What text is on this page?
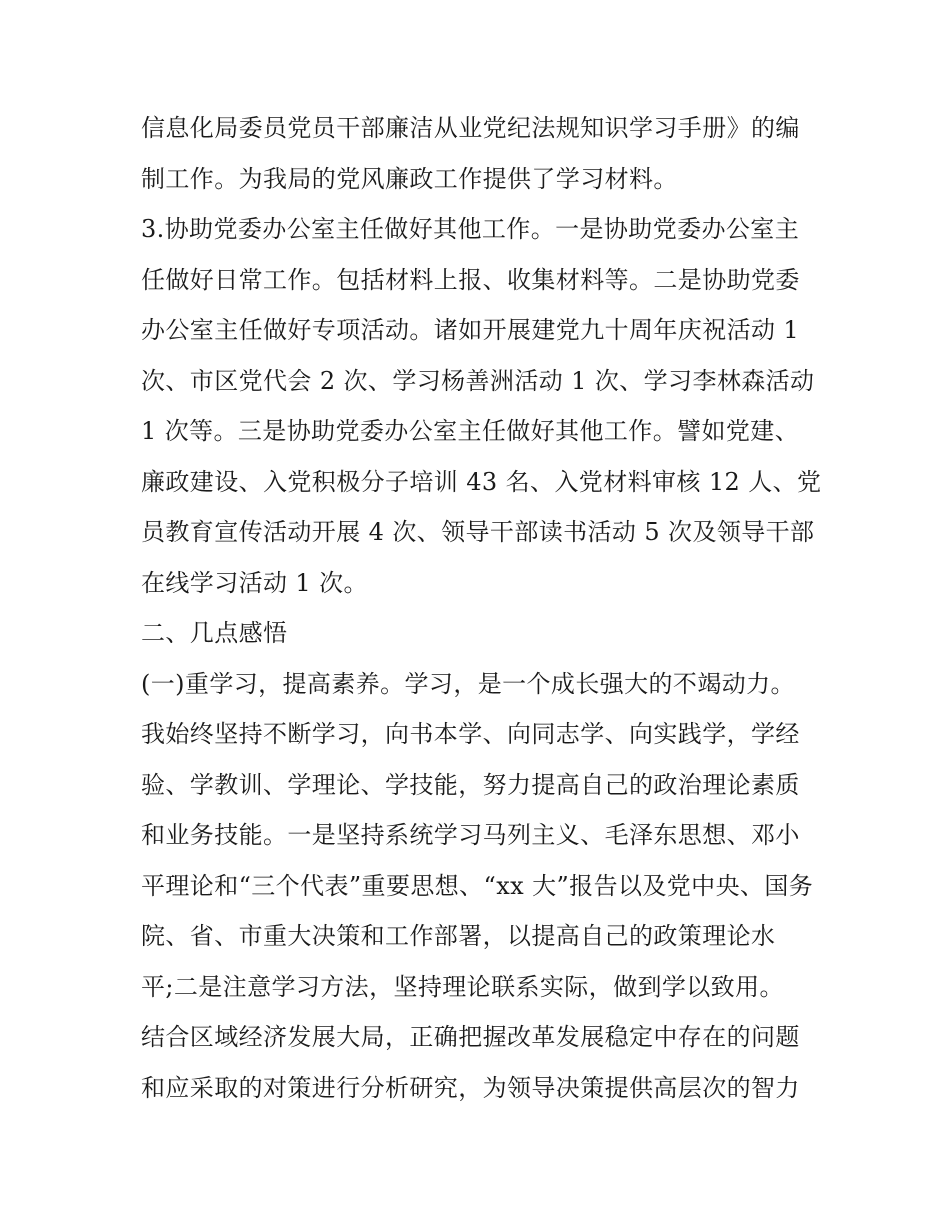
信息化局委员党员干部廉洁从业党纪法规知识学习手册》的编
制工作。为我局的党风廉政工作提供了学习材料。
3.协助党委办公室主任做好其他工作。一是协助党委办公室主
任做好日常工作。包括材料上报、收集材料等。二是协助党委
办公室主任做好专项活动。诸如开展建党九十周年庆祝活动 1
次、市区党代会 2 次、学习杨善洲活动 1 次、学习李林森活动
1 次等。三是协助党委办公室主任做好其他工作。譬如党建、
廉政建设、入党积极分子培训 43 名、入党材料审核 12 人、党
员教育宣传活动开展 4 次、领导干部读书活动 5 次及领导干部
在线学习活动 1 次。
二、几点感悟
(一)重学习，提高素养。学习，是一个成长强大的不竭动力。
我始终坚持不断学习，向书本学、向同志学、向实践学，学经
验、学教训、学理论、学技能，努力提高自己的政治理论素质
和业务技能。一是坚持系统学习马列主义、毛泽东思想、邓小
平理论和“三个代表”重要思想、“xx 大”报告以及党中央、国务
院、省、市重大决策和工作部署，以提高自己的政策理论水
平;二是注意学习方法，坚持理论联系实际，做到学以致用。
结合区域经济发展大局，正确把握改革发展稳定中存在的问题
和应采取的对策进行分析研究，为领导决策提供高层次的智力
